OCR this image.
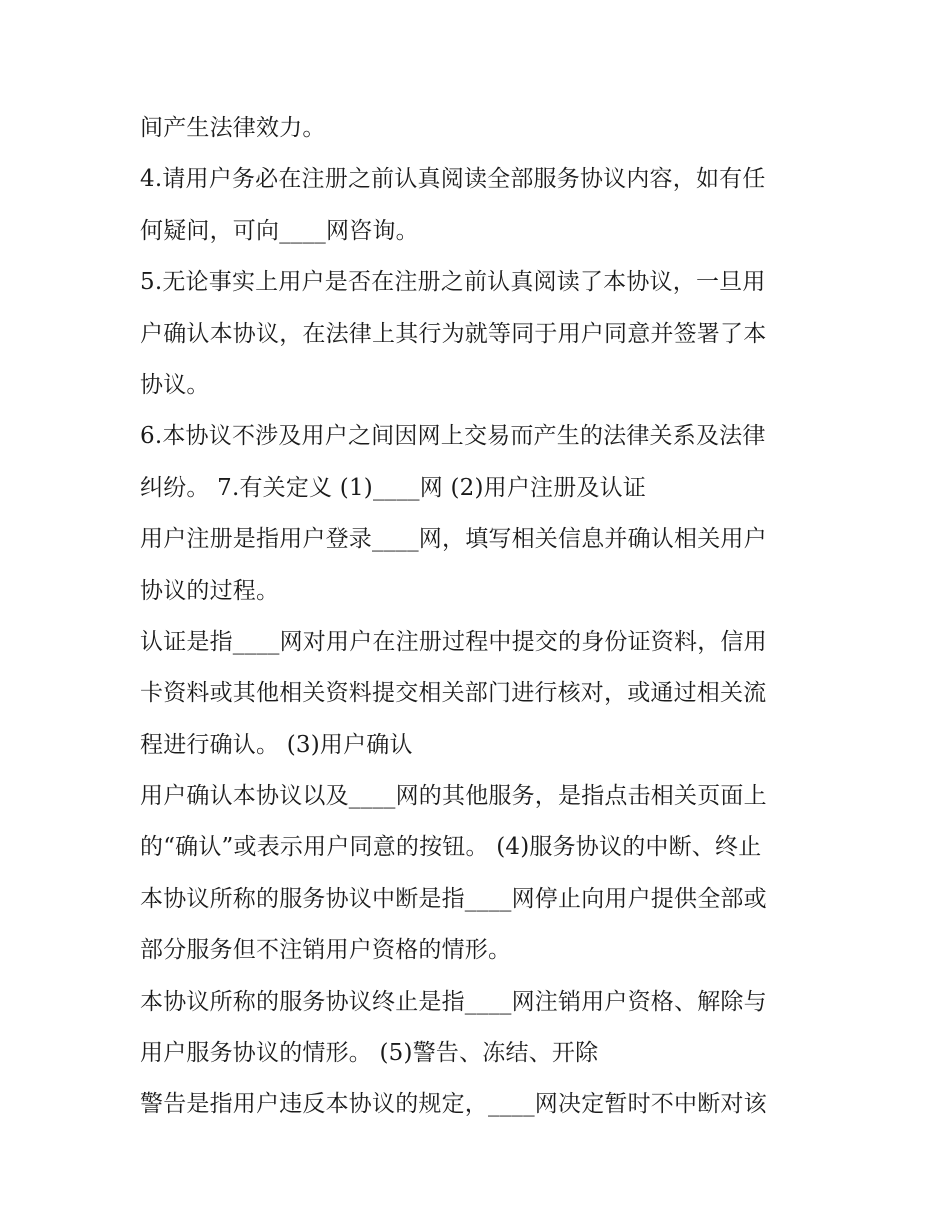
间产生法律效力。
4.请用户务必在注册之前认真阅读全部服务协议内容，如有任
何疑问，可向____网咨询。
5.无论事实上用户是否在注册之前认真阅读了本协议，一旦用
户确认本协议，在法律上其行为就等同于用户同意并签署了本
协议。
6.本协议不涉及用户之间因网上交易而产生的法律关系及法律
纠纷。 7.有关定义 (1)____网 (2)用户注册及认证
用户注册是指用户登录____网，填写相关信息并确认相关用户
协议的过程。
认证是指____网对用户在注册过程中提交的身份证资料，信用
卡资料或其他相关资料提交相关部门进行核对，或通过相关流
程进行确认。 (3)用户确认
用户确认本协议以及____网的其他服务，是指点击相关页面上
的“确认”或表示用户同意的按钮。 (4)服务协议的中断、终止
本协议所称的服务协议中断是指____网停止向用户提供全部或
部分服务但不注销用户资格的情形。
本协议所称的服务协议终止是指____网注销用户资格、解除与
用户服务协议的情形。 (5)警告、冻结、开除
警告是指用户违反本协议的规定，____网决定暂时不中断对该
